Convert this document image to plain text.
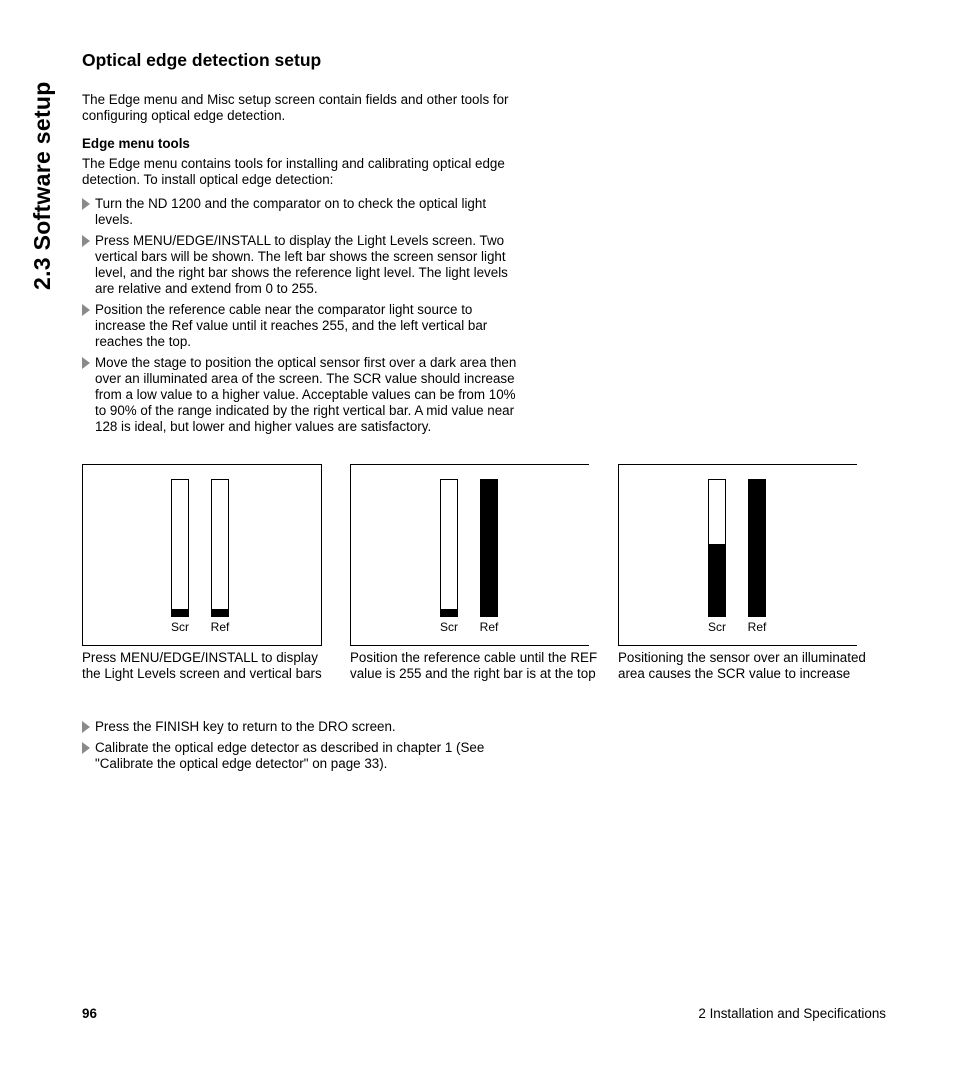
2.3 Software setup
Optical edge detection setup

The Edge menu and Misc setup screen contain fields and other tools for configuring optical edge detection.

Edge menu tools

The Edge menu contains tools for installing and calibrating optical edge detection. To install optical edge detection:

Turn the ND 1200 and the comparator on to check the optical light levels.
Press MENU/EDGE/INSTALL to display the Light Levels screen. Two vertical bars will be shown. The left bar shows the screen sensor light level, and the right bar shows the reference light level. The light levels are relative and extend from 0 to 255.
Position the reference cable near the comparator light source to increase the Ref value until it reaches 255, and the left vertical bar reaches the top.
Move the stage to position the optical sensor first over a dark area then over an illuminated area of the screen. The SCR value should increase from a low value to a higher value. Acceptable values can be from 10% to 90% of the range indicated by the right vertical bar. A mid value near 128 is ideal, but lower and higher values are satisfactory.
Scr	Ref
Press MENU/EDGE/INSTALL to display the Light Levels screen and vertical bars
Scr	Ref
Position the reference cable until the REF value is 255 and the right bar is at the top
Scr	Ref
Positioning the sensor over an illuminated area causes the SCR value to increase
Press the FINISH key to return to the DRO screen.
Calibrate the optical edge detector as described in chapter 1 (See "Calibrate the optical edge detector" on page 33).
96	2 Installation and Specifications
